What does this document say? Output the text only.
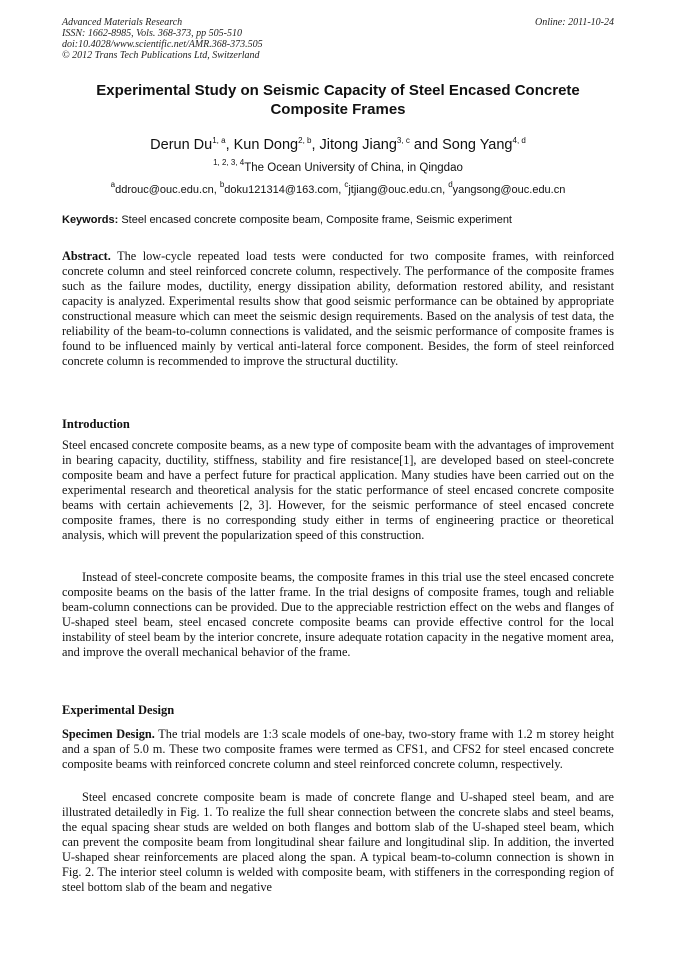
Advanced Materials Research
ISSN: 1662-8985, Vols. 368-373, pp 505-510
doi:10.4028/www.scientific.net/AMR.368-373.505
© 2012 Trans Tech Publications Ltd, Switzerland
Online: 2011-10-24
Experimental Study on Seismic Capacity of Steel Encased Concrete Composite Frames
Derun Du$^{1, a}$, Kun Dong$^{2, b}$, Jitong Jiang$^{3, c}$ and Song Yang$^{4, d}$
$^{1, 2, 3, 4}$The Ocean University of China, in Qingdao
$^a$ddrouc@ouc.edu.cn, $^b$doku121314@163.com, $^c$jtjiang@ouc.edu.cn, $^d$yangsong@ouc.edu.cn
Keywords: Steel encased concrete composite beam, Composite frame, Seismic experiment
Abstract. The low-cycle repeated load tests were conducted for two composite frames, with reinforced concrete column and steel reinforced concrete column, respectively. The performance of the composite frames such as the failure modes, ductility, energy dissipation ability, deformation restored ability, and resistant capacity is analyzed. Experimental results show that good seismic performance can be obtained by appropriate constructional measure which can meet the seismic design requirements. Based on the analysis of test data, the reliability of the beam-to-column connections is validated, and the seismic performance of composite frames is found to be influenced mainly by vertical anti-lateral force component. Besides, the form of steel reinforced concrete column is recommended to improve the structural ductility.
Introduction
Steel encased concrete composite beams, as a new type of composite beam with the advantages of improvement in bearing capacity, ductility, stiffness, stability and fire resistance[1], are developed based on steel-concrete composite beam and have a perfect future for practical application. Many studies have been carried out on the experimental research and theoretical analysis for the static performance of steel encased concrete composite beams with certain achievements [2, 3]. However, for the seismic performance of steel encased concrete composite frames, there is no corresponding study either in terms of engineering practice or theoretical analysis, which will prevent the popularization speed of this construction.
Instead of steel-concrete composite beams, the composite frames in this trial use the steel encased concrete composite beams on the basis of the latter frame. In the trial designs of composite frames, tough and reliable beam-column connections can be provided. Due to the appreciable restriction effect on the webs and flanges of U-shaped steel beam, steel encased concrete composite beams can provide effective control for the local instability of steel beam by the interior concrete, insure adequate rotation capacity in the negative moment area, and improve the overall mechanical behavior of the frame.
Experimental Design
Specimen Design. The trial models are 1:3 scale models of one-bay, two-story frame with 1.2 m storey height and a span of 5.0 m. These two composite frames were termed as CFS1, and CFS2 for steel encased concrete composite beams with reinforced concrete column and steel reinforced concrete column, respectively.
Steel encased concrete composite beam is made of concrete flange and U-shaped steel beam, and are illustrated detailedly in Fig. 1. To realize the full shear connection between the concrete slabs and steel beams, the equal spacing shear studs are welded on both flanges and bottom slab of the U-shaped steel beam, which can prevent the composite beam from longitudinal shear failure and longitudinal slip. In addition, the inverted U-shaped shear reinforcements are placed along the span. A typical beam-to-column connection is shown in Fig. 2. The interior steel column is welded with composite beam, with stiffeners in the corresponding region of steel bottom slab of the beam and negative
